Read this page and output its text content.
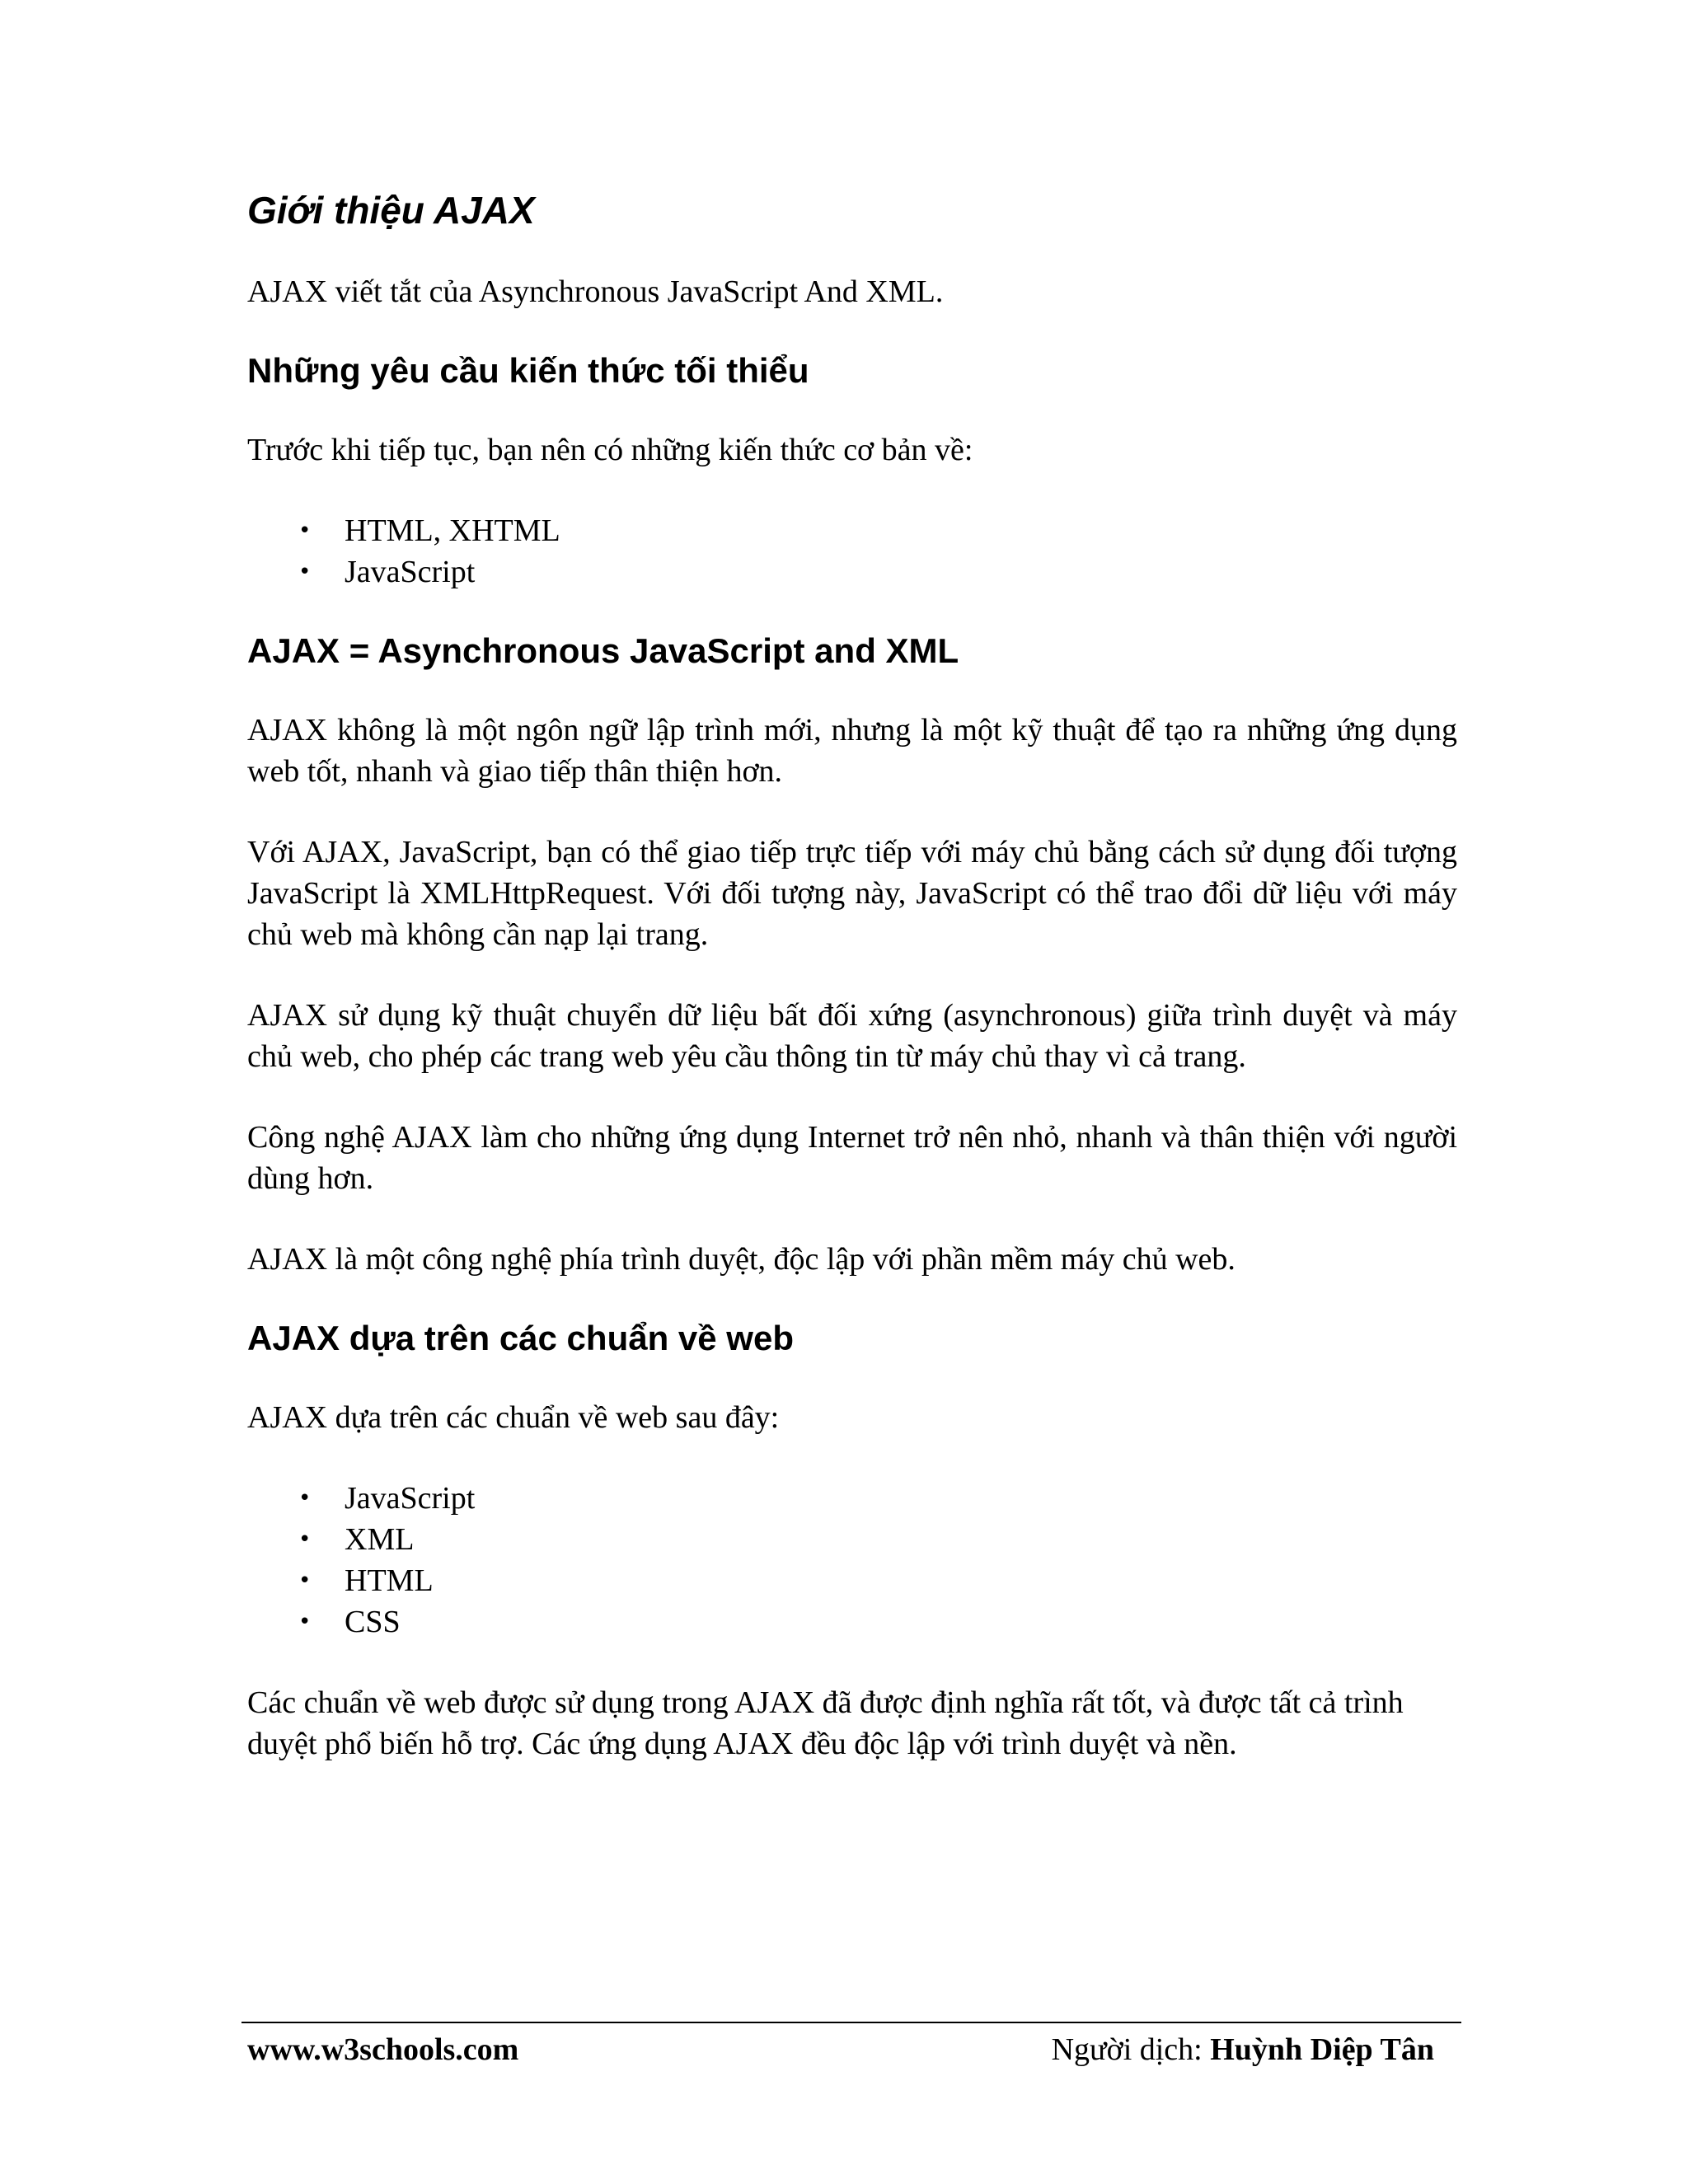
Giới thiệu AJAX

AJAX viết tắt của Asynchronous JavaScript And XML.

Những yêu cầu kiến thức tối thiểu

Trước khi tiếp tục, bạn nên có những kiến thức cơ bản về:

• HTML, XHTML
• JavaScript
AJAX = Asynchronous JavaScript and XML

AJAX không là một ngôn ngữ lập trình mới, nhưng là một kỹ thuật để tạo ra những ứng dụng web tốt, nhanh và giao tiếp thân thiện hơn.

Với AJAX, JavaScript, bạn có thể giao tiếp trực tiếp với máy chủ bằng cách sử dụng đối tượng JavaScript là XMLHttpRequest. Với đối tượng này, JavaScript có thể trao đổi dữ liệu với máy chủ web mà không cần nạp lại trang.

AJAX sử dụng kỹ thuật chuyển dữ liệu bất đối xứng (asynchronous) giữa trình duyệt và máy chủ web, cho phép các trang web yêu cầu thông tin từ máy chủ thay vì cả trang.

Công nghệ AJAX làm cho những ứng dụng Internet trở nên nhỏ, nhanh và thân thiện với người dùng hơn.

AJAX là một công nghệ phía trình duyệt, độc lập với phần mềm máy chủ web.

AJAX dựa trên các chuẩn về web

AJAX dựa trên các chuẩn về web sau đây:

• JavaScript
• XML
• HTML
• CSS

Các chuẩn về web được sử dụng trong AJAX đã được định nghĩa rất tốt, và được tất cả trình duyệt phổ biến hỗ trợ. Các ứng dụng AJAX đều độc lập với trình duyệt và nền.

www.w3schools.com	Người dịch: Huỳnh Diệp Tân
